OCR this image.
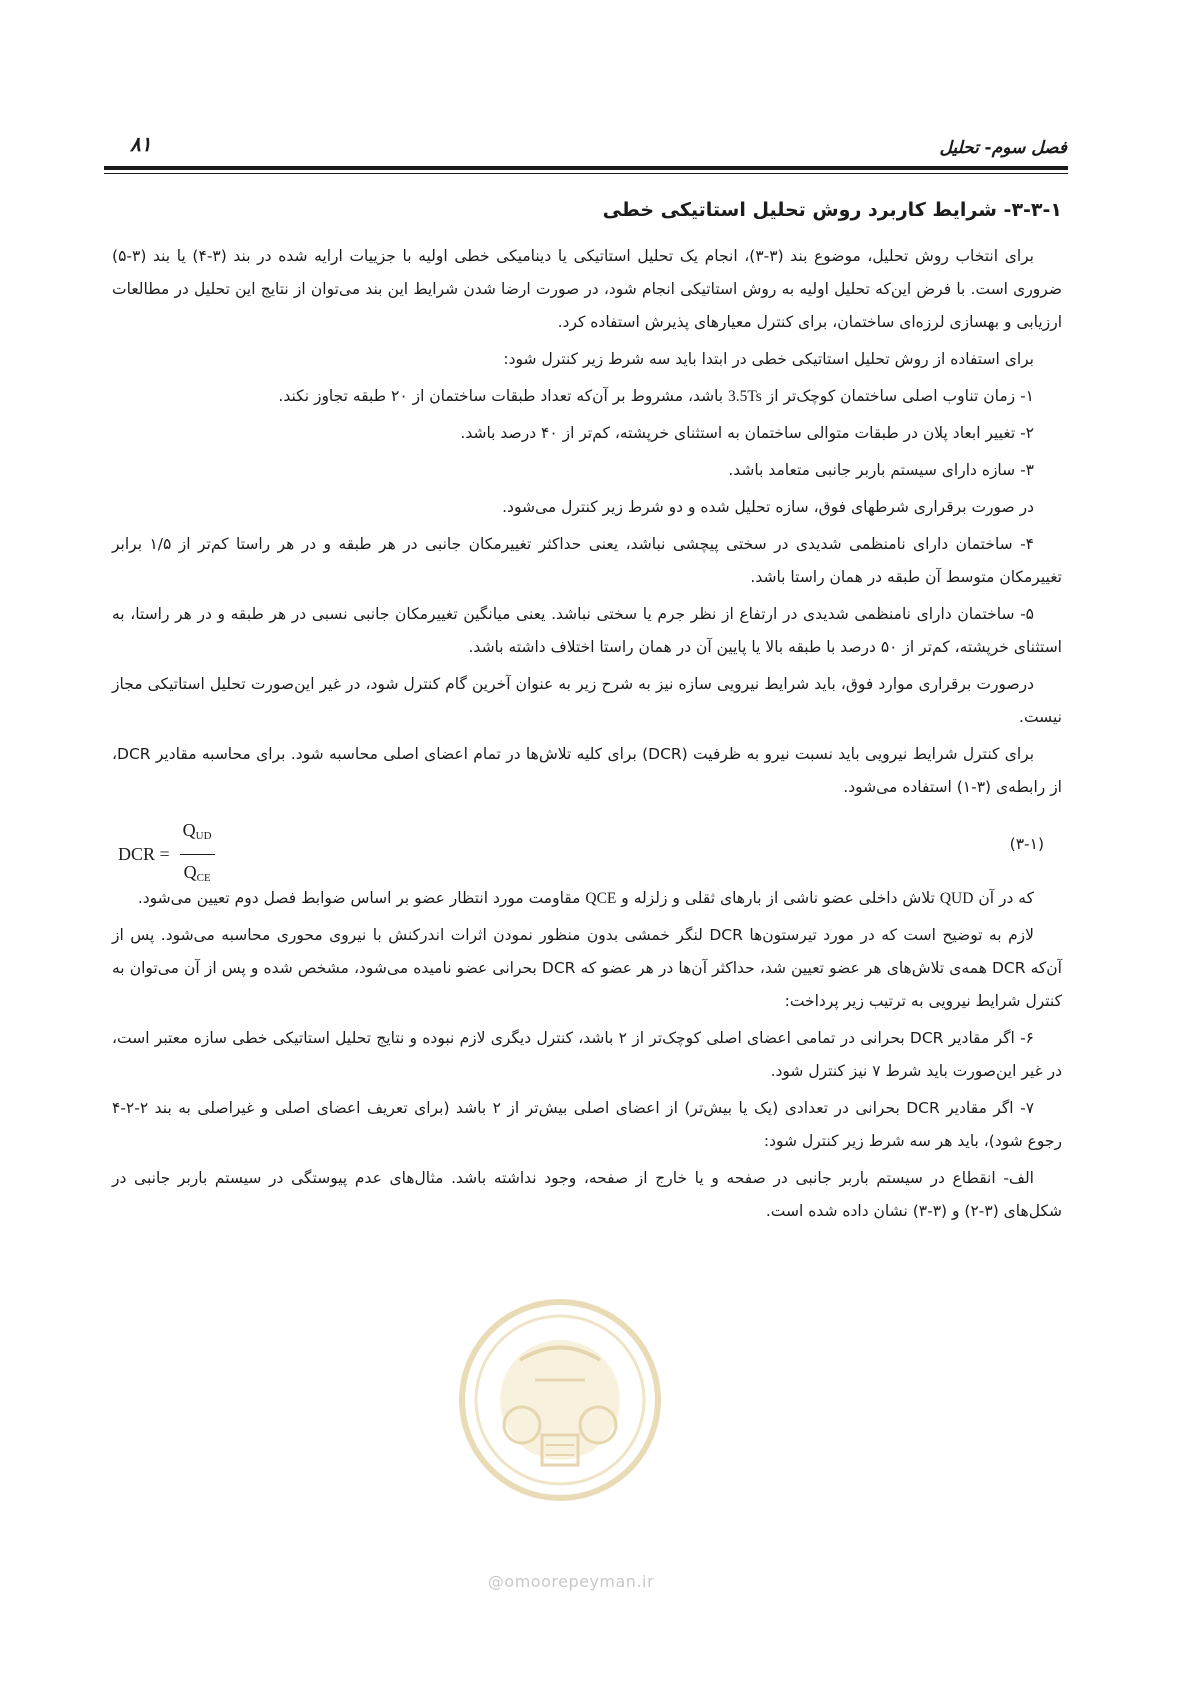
فصل سوم- تحلیل
۸۱
۳-۳-۱- شرایط کاربرد روش تحلیل استاتیکی خطی

برای انتخاب روش تحلیل، موضوع بند (۳-۳)، انجام یک تحلیل استاتیکی یا دینامیکی خطی اولیه با جزییات ارایه شده در بند (۳-۴) یا بند (۳-۵) ضروری است. با فرض این‌که تحلیل اولیه به روش استاتیکی انجام شود، در صورت ارضا شدن شرایط این بند می‌توان از نتایج این تحلیل در مطالعات ارزیابی و بهسازی لرزه‌ای ساختمان، برای کنترل معیارهای پذیرش استفاده کرد.

برای استفاده از روش تحلیل استاتیکی خطی در ابتدا باید سه شرط زیر کنترل شود:

۱- زمان تناوب اصلی ساختمان کوچک‌تر از 3.5Ts باشد، مشروط بر آن‌که تعداد طبقات ساختمان از ۲۰ طبقه تجاوز نکند.

۲- تغییر ابعاد پلان در طبقات متوالی ساختمان به استثنای خرپشته، کم‌تر از ۴۰ درصد باشد.

۳- سازه دارای سیستم باربر جانبی متعامد باشد.

در صورت برقراری شرطهای فوق، سازه تحلیل شده و دو شرط زیر کنترل می‌شود.

۴- ساختمان دارای نامنظمی شدیدی در سختی پیچشی نباشد، یعنی حداکثر تغییرمکان جانبی در هر طبقه و در هر راستا کم‌تر از ۱/۵ برابر تغییرمکان متوسط آن طبقه در همان راستا باشد.

۵- ساختمان دارای نامنظمی شدیدی در ارتفاع از نظر جرم یا سختی نباشد. یعنی میانگین تغییرمکان جانبی نسبی در هر طبقه و در هر راستا، به استثنای خرپشته، کم‌تر از ۵۰ درصد با طبقه بالا یا پایین آن در همان راستا اختلاف داشته باشد.

درصورت برقراری موارد فوق، باید شرایط نیرویی سازه نیز به شرح زیر به عنوان آخرین گام کنترل شود، در غیر این‌صورت تحلیل استاتیکی مجاز نیست.

برای کنترل شرایط نیرویی باید نسبت نیرو به ظرفیت (DCR) برای کلیه تلاش‌ها در تمام اعضای اصلی محاسبه شود. برای محاسبه مقادیر DCR، از رابطه‌ی (۳-۱) استفاده می‌شود.

DCR = $\frac{Q_{UD}}{Q_{CE}}$	(۳-۱)

که در آن QUD تلاش داخلی عضو ناشی از بارهای ثقلی و زلزله و QCE مقاومت مورد انتظار عضو بر اساس ضوابط فصل دوم تعیین می‌شود.

لازم به توضیح است که در مورد تیرستون‌ها DCR لنگر خمشی بدون منظور نمودن اثرات اندرکنش با نیروی محوری محاسبه می‌شود. پس از آن‌که DCR همه‌ی تلاش‌های هر عضو تعیین شد، حداکثر آن‌ها در هر عضو که DCR بحرانی عضو نامیده می‌شود، مشخص شده و پس از آن می‌توان به کنترل شرایط نیرویی به ترتیب زیر پرداخت:

۶- اگر مقادیر DCR بحرانی در تمامی اعضای اصلی کوچک‌تر از ۲ باشد، کنترل دیگری لازم نبوده و نتایج تحلیل استاتیکی خطی سازه معتبر است، در غیر این‌صورت باید شرط ۷ نیز کنترل شود.

۷- اگر مقادیر DCR بحرانی در تعدادی (یک یا بیش‌تر) از اعضای اصلی بیش‌تر از ۲ باشد (برای تعریف اعضای اصلی و غیراصلی به بند ۲-۲-۴ رجوع شود)، باید هر سه شرط زیر کنترل شود:

الف- انقطاع در سیستم باربر جانبی در صفحه و یا خارج از صفحه، وجود نداشته باشد. مثال‌های عدم پیوستگی در سیستم باربر جانبی در شکل‌های (۳-۲) و (۳-۳) نشان داده شده است.

@omoorepeyman.ir
